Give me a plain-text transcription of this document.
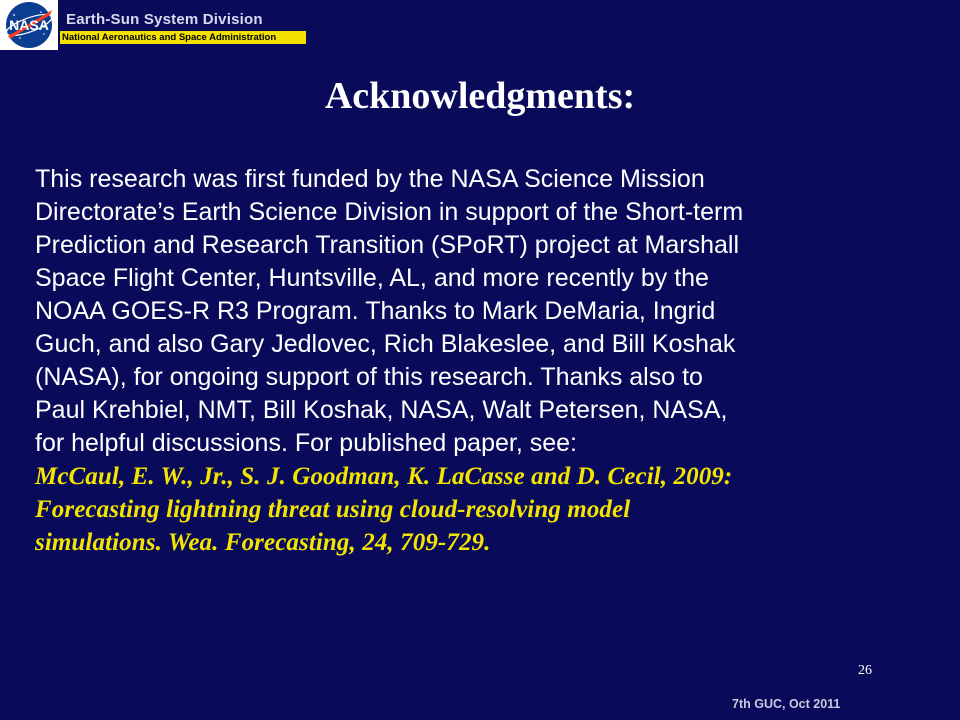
NASA Earth-Sun System Division
National Aeronautics and Space Administration
Acknowledgments:
This research was first funded by the NASA Science Mission
Directorate’s Earth Science Division in support of the Short-term
Prediction and Research Transition (SPoRT) project at Marshall
Space Flight Center, Huntsville, AL, and more recently by the
NOAA GOES-R R3 Program. Thanks to Mark DeMaria, Ingrid
Guch, and also Gary Jedlovec, Rich Blakeslee, and Bill Koshak
(NASA), for ongoing support of this research. Thanks also to
Paul Krehbiel, NMT, Bill Koshak, NASA, Walt Petersen, NASA,
for helpful discussions. For published paper, see:
McCaul, E. W., Jr., S. J. Goodman, K. LaCasse and D. Cecil, 2009:
Forecasting lightning threat using cloud-resolving model
simulations. Wea. Forecasting, 24, 709-729.
26
7th GUC, Oct 2011
